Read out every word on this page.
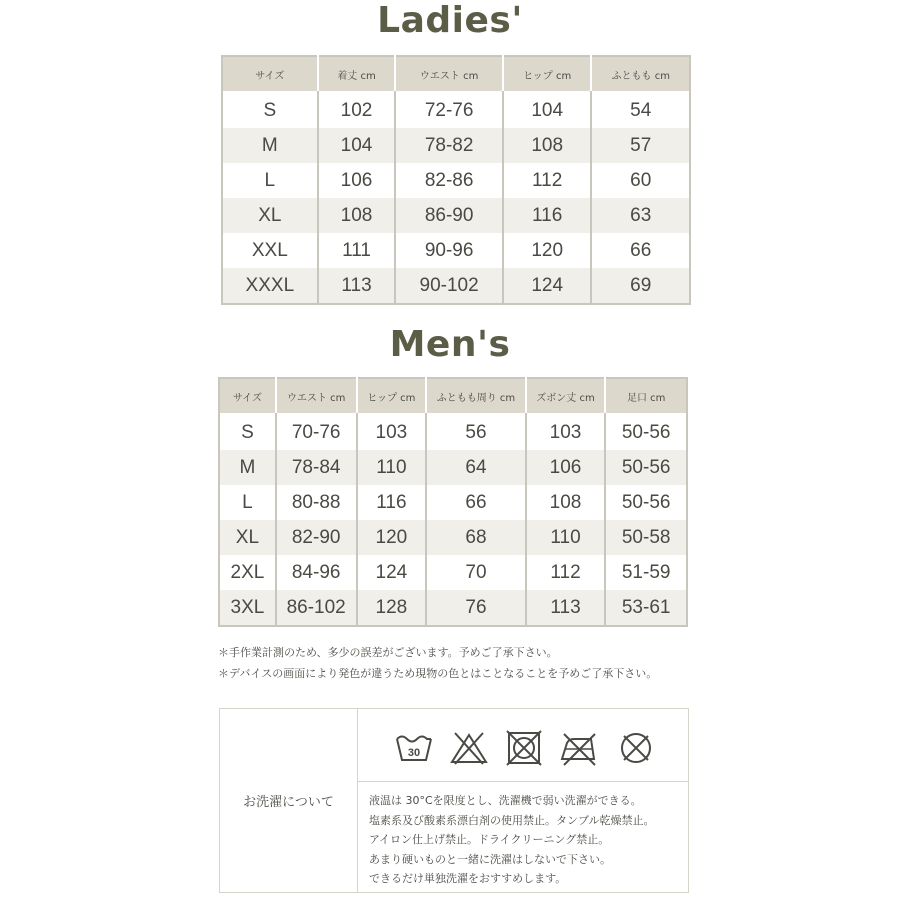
Ladies'
サイズ	着丈 cm	ウエスト cm	ヒップ cm	ふともも cm
S	102	72-76	104	54
M	104	78-82	108	57
L	106	82-86	112	60
XL	108	86-90	116	63
XXL	111	90-96	120	66
XXXL	113	90-102	124	69
Men's
サイズ	ウエスト cm	ヒップ cm	ふともも周り cm	ズボン丈 cm	足口 cm
S	70-76	103	56	103	50-56
M	78-84	110	64	106	50-56
L	80-88	116	66	108	50-56
XL	82-90	120	68	110	50-58
2XL	84-96	124	70	112	51-59
3XL	86-102	128	76	113	53-61
＊手作業計測のため、多少の誤差がございます。予めご了承下さい。
＊デバイスの画面により発色が違うため現物の色とはことなることを予めご了承下さい。
お洗濯について
30
液温は 30°Cを限度とし、洗濯機で弱い洗濯ができる。
塩素系及び酸素系漂白剤の使用禁止。タンブル乾燥禁止。
アイロン仕上げ禁止。ドライクリーニング禁止。
あまり硬いものと一緒に洗濯はしないで下さい。
できるだけ単独洗濯をおすすめします。
